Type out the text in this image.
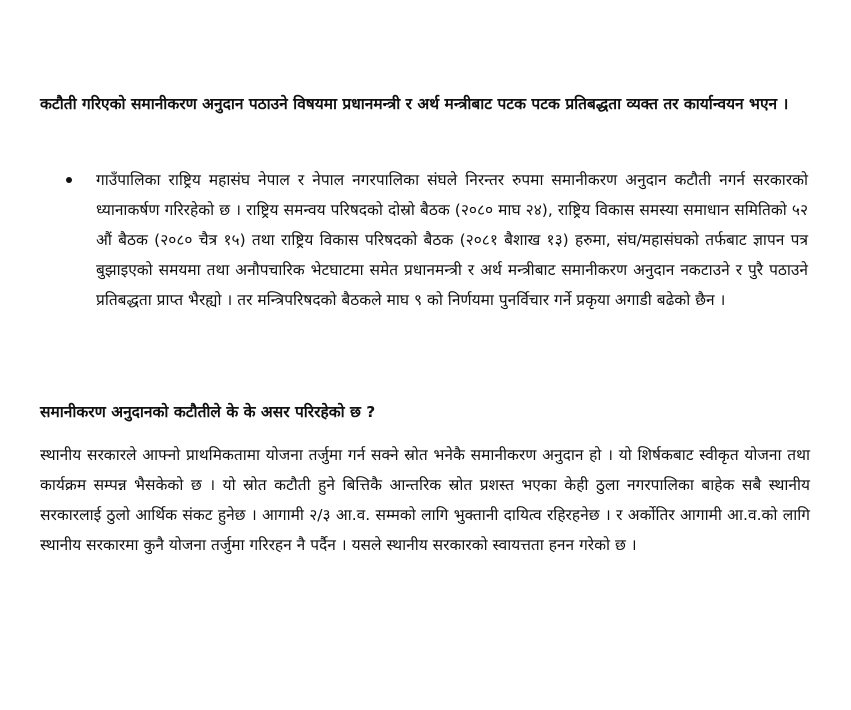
कटौती गरिएको समानीकरण अनुदान पठाउने विषयमा प्रधानमन्त्री र अर्थ मन्त्रीबाट पटक पटक प्रतिबद्धता व्यक्त तर कार्यान्वयन भएन ।

गाउँपालिका राष्ट्रिय महासंघ नेपाल र नेपाल नगरपालिका संघले निरन्तर रुपमा समानीकरण अनुदान कटौती नगर्न सरकारको ध्यानाकर्षण गरिरहेको छ । राष्ट्रिय समन्वय परिषदको दोस्रो बैठक (२०८० माघ २४), राष्ट्रिय विकास समस्या समाधान समितिको ५२ औं बैठक (२०८० चैत्र १५) तथा राष्ट्रिय विकास परिषदको बैठक (२०८१ बैशाख १३) हरुमा, संघ/महासंघको तर्फबाट ज्ञापन पत्र बुझाइएको समयमा तथा अनौपचारिक भेटघाटमा समेत प्रधानमन्त्री र अर्थ मन्त्रीबाट समानीकरण अनुदान नकटाउने र पुरै पठाउने प्रतिबद्धता प्राप्त भैरह्यो । तर मन्त्रिपरिषदको बैठकले माघ ९ को निर्णयमा पुनर्विचार गर्ने प्रकृया अगाडी बढेको छैन ।

समानीकरण अनुदानको कटौतीले के के असर परिरहेको छ ?

स्थानीय सरकारले आफ्नो प्राथमिकतामा योजना तर्जुमा गर्न सक्ने स्रोत भनेकै समानीकरण अनुदान हो । यो शिर्षकबाट स्वीकृत योजना तथा कार्यक्रम सम्पन्न भैसकेको छ । यो स्रोत कटौती हुने बित्तिकै आन्तरिक स्रोत प्रशस्त भएका केही ठुला नगरपालिका बाहेक सबै स्थानीय सरकारलाई ठुलो आर्थिक संकट हुनेछ । आगामी २/३ आ.व. सम्मको लागि भुक्तानी दायित्व रहिरहनेछ । र अर्कोतिर आगामी आ.व.को लागि स्थानीय सरकारमा कुनै योजना तर्जुमा गरिरहन नै पर्दैन । यसले स्थानीय सरकारको स्वायत्तता हनन गरेको छ ।
